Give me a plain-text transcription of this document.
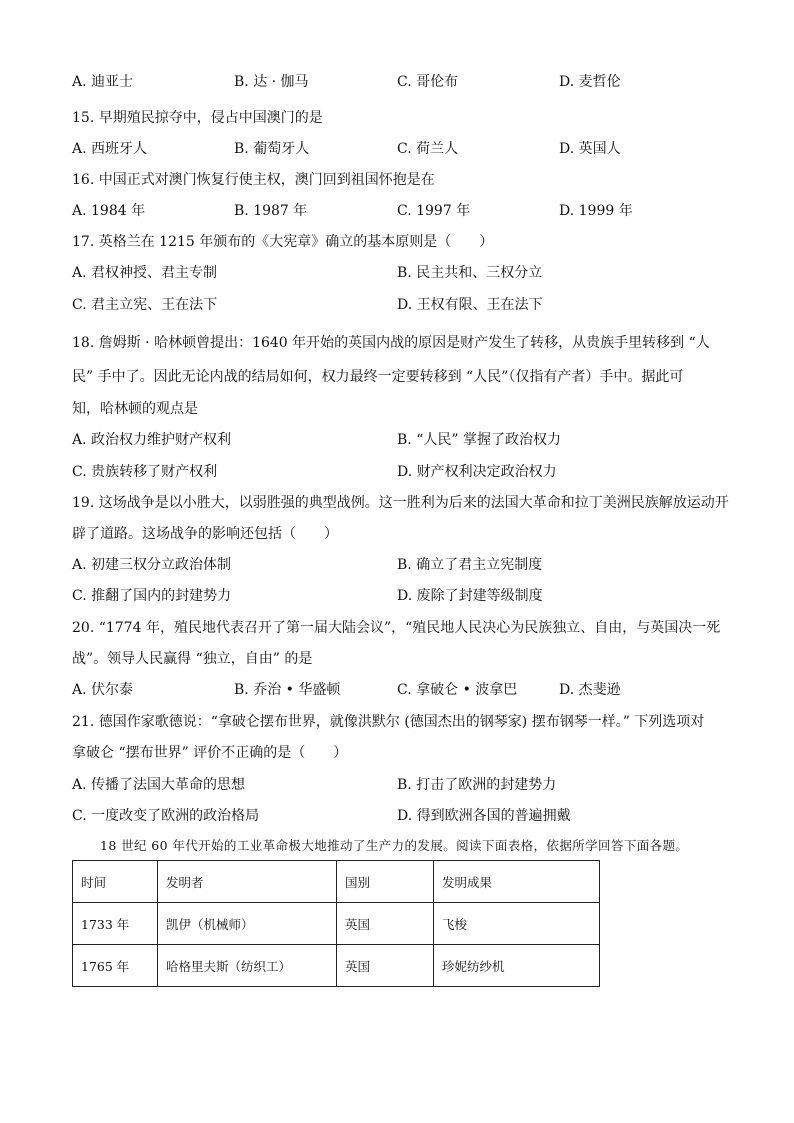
A. 迪亚士	B. 达 · 伽马	C. 哥伦布	D. 麦哲伦
15. 早期殖民掠夺中，侵占中国澳门的是
A. 西班牙人	B. 葡萄牙人	C. 荷兰人	D. 英国人
16. 中国正式对澳门恢复行使主权，澳门回到祖国怀抱是在
A. 1984 年	B. 1987 年	C. 1997 年	D. 1999 年
17. 英格兰在 1215 年颁布的《大宪章》确立的基本原则是（　　）
A. 君权神授、君主专制	B. 民主共和、三权分立
C. 君主立宪、王在法下	D. 王权有限、王在法下
18. 詹姆斯 · 哈林顿曾提出：1640 年开始的英国内战的原因是财产发生了转移，从贵族手里转移到 “人
民” 手中了。因此无论内战的结局如何，权力最终一定要转移到 “人民”（仅指有产者）手中。据此可
知，哈林顿的观点是
A. 政治权力维护财产权利	B. “人民” 掌握了政治权力
C. 贵族转移了财产权利	D. 财产权利决定政治权力
19. 这场战争是以小胜大，以弱胜强的典型战例。这一胜利为后来的法国大革命和拉丁美洲民族解放运动开
辟了道路。这场战争的影响还包括（　　）
A. 初建三权分立政治体制	B. 确立了君主立宪制度
C. 推翻了国内的封建势力	D. 废除了封建等级制度
20. “1774 年，殖民地代表召开了第一届大陆会议”，“殖民地人民决心为民族独立、自由，与英国决一死
战”。领导人民赢得 “独立，自由” 的是
A. 伏尔泰	B. 乔治 • 华盛顿	C. 拿破仑 • 波拿巴	D. 杰斐逊
21. 德国作家歌德说：“拿破仑摆布世界，就像洪默尔 (德国杰出的钢琴家) 摆布钢琴一样。” 下列选项对
拿破仑 “摆布世界” 评价不正确的是（　　）
A. 传播了法国大革命的思想	B. 打击了欧洲的封建势力
C. 一度改变了欧洲的政治格局	D. 得到欧洲各国的普遍拥戴
18 世纪 60 年代开始的工业革命极大地推动了生产力的发展。阅读下面表格，依据所学回答下面各题。
时间	发明者	国别	发明成果
1733 年	凯伊（机械师）	英国	飞梭
1765 年	哈格里夫斯（纺织工）	英国	珍妮纺纱机
